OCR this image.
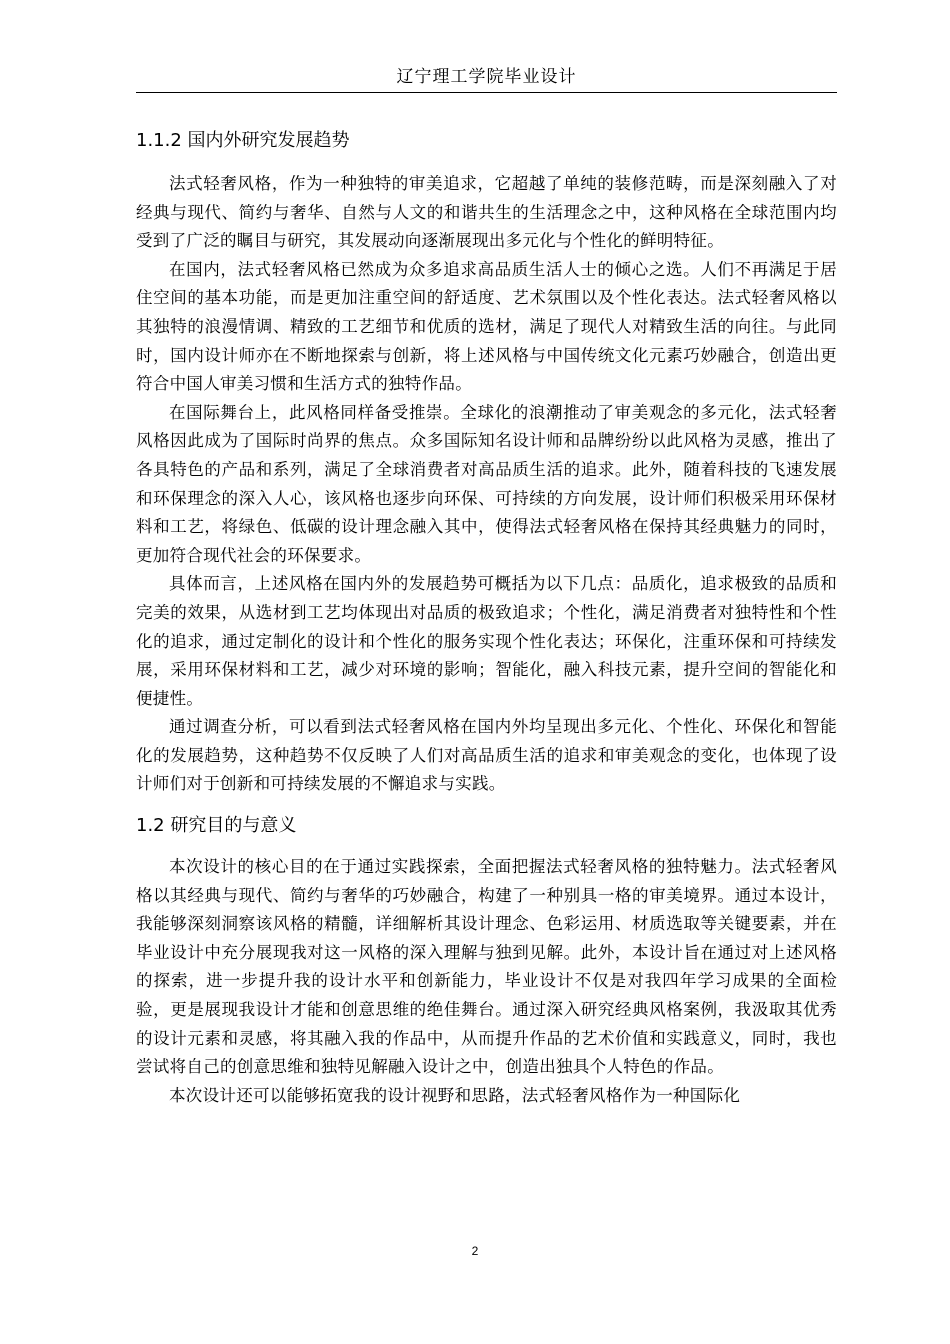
辽宁理工学院毕业设计
1.1.2 国内外研究发展趋势

法式轻奢风格，作为一种独特的审美追求，它超越了单纯的装修范畴，而是深刻融入了对经典与现代、简约与奢华、自然与人文的和谐共生的生活理念之中，这种风格在全球范围内均受到了广泛的瞩目与研究，其发展动向逐渐展现出多元化与个性化的鲜明特征。

在国内，法式轻奢风格已然成为众多追求高品质生活人士的倾心之选。人们不再满足于居住空间的基本功能，而是更加注重空间的舒适度、艺术氛围以及个性化表达。法式轻奢风格以其独特的浪漫情调、精致的工艺细节和优质的选材，满足了现代人对精致生活的向往。与此同时，国内设计师亦在不断地探索与创新，将上述风格与中国传统文化元素巧妙融合，创造出更符合中国人审美习惯和生活方式的独特作品。

在国际舞台上，此风格同样备受推崇。全球化的浪潮推动了审美观念的多元化，法式轻奢风格因此成为了国际时尚界的焦点。众多国际知名设计师和品牌纷纷以此风格为灵感，推出了各具特色的产品和系列，满足了全球消费者对高品质生活的追求。此外，随着科技的飞速发展和环保理念的深入人心，该风格也逐步向环保、可持续的方向发展，设计师们积极采用环保材料和工艺，将绿色、低碳的设计理念融入其中，使得法式轻奢风格在保持其经典魅力的同时，更加符合现代社会的环保要求。

具体而言，上述风格在国内外的发展趋势可概括为以下几点：品质化，追求极致的品质和完美的效果，从选材到工艺均体现出对品质的极致追求；个性化，满足消费者对独特性和个性化的追求，通过定制化的设计和个性化的服务实现个性化表达；环保化，注重环保和可持续发展，采用环保材料和工艺，减少对环境的影响；智能化，融入科技元素，提升空间的智能化和便捷性。

通过调查分析，可以看到法式轻奢风格在国内外均呈现出多元化、个性化、环保化和智能化的发展趋势，这种趋势不仅反映了人们对高品质生活的追求和审美观念的变化，也体现了设计师们对于创新和可持续发展的不懈追求与实践。

1.2 研究目的与意义

本次设计的核心目的在于通过实践探索，全面把握法式轻奢风格的独特魅力。法式轻奢风格以其经典与现代、简约与奢华的巧妙融合，构建了一种别具一格的审美境界。通过本设计，我能够深刻洞察该风格的精髓，详细解析其设计理念、色彩运用、材质选取等关键要素，并在毕业设计中充分展现我对这一风格的深入理解与独到见解。此外，本设计旨在通过对上述风格的探索，进一步提升我的设计水平和创新能力，毕业设计不仅是对我四年学习成果的全面检验，更是展现我设计才能和创意思维的绝佳舞台。通过深入研究经典风格案例，我汲取其优秀的设计元素和灵感，将其融入我的作品中，从而提升作品的艺术价值和实践意义，同时，我也尝试将自己的创意思维和独特见解融入设计之中，创造出独具个人特色的作品。

本次设计还可以能够拓宽我的设计视野和思路，法式轻奢风格作为一种国际化

2
